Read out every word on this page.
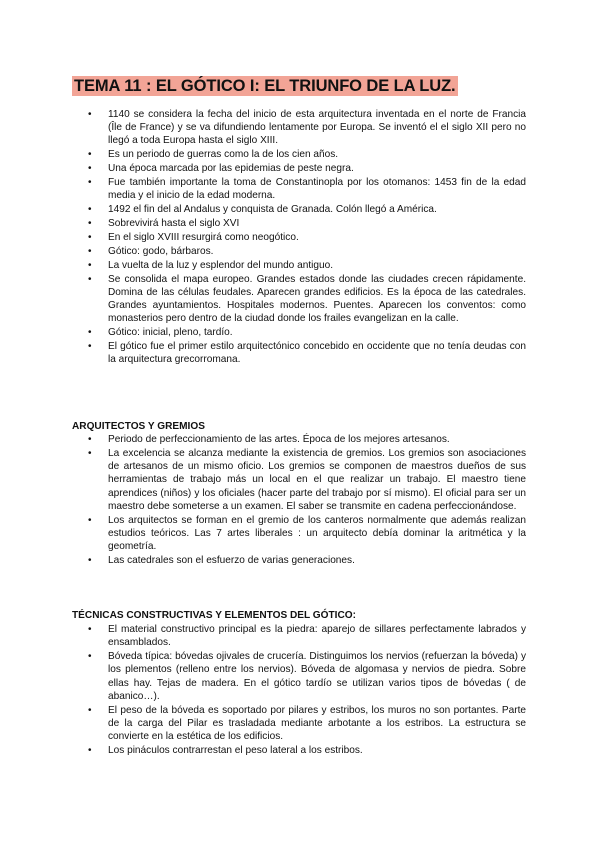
TEMA 11 : EL GÓTICO I: EL TRIUNFO DE LA LUZ.
• 1140 se considera la fecha del inicio de esta arquitectura inventada en el norte de Francia (Île de France) y se va difundiendo lentamente por Europa. Se inventó el el siglo XII pero no llegó a toda Europa hasta el siglo XIII.
• Es un periodo de guerras como la de los cien años.
• Una época marcada por las epidemias de peste negra.
• Fue también importante la toma de Constantinopla por los otomanos: 1453 fin de la edad media y el inicio de la edad moderna.
• 1492 el fin del al Andalus y conquista de Granada. Colón llegó a América.
• Sobrevivirá hasta el siglo XVI
• En el siglo XVIII resurgirá como neogótico.
• Gótico: godo, bárbaros.
• La vuelta de la luz y esplendor del mundo antiguo.
• Se consolida el mapa europeo. Grandes estados donde las ciudades crecen rápidamente. Domina de las células feudales. Aparecen grandes edificios. Es la época de las catedrales. Grandes ayuntamientos. Hospitales modernos. Puentes. Aparecen los conventos: como monasterios pero dentro de la ciudad donde los frailes evangelizan en la calle.
• Gótico: inicial, pleno, tardío.
• El gótico fue el primer estilo arquitectónico concebido en occidente que no tenía deudas con la arquitectura grecorromana.
ARQUITECTOS Y GREMIOS
• Periodo de perfeccionamiento de las artes. Época de los mejores artesanos.
• La excelencia se alcanza mediante la existencia de gremios. Los gremios son asociaciones de artesanos de un mismo oficio. Los gremios se componen de maestros dueños de sus herramientas de trabajo más un local en el que realizar un trabajo. El maestro tiene aprendices (niños) y los oficiales (hacer parte del trabajo por sí mismo). El oficial para ser un maestro debe someterse a un examen. El saber se transmite en cadena perfeccionándose.
• Los arquitectos se forman en el gremio de los canteros normalmente que además realizan estudios teóricos. Las 7 artes liberales : un arquitecto debía dominar la aritmética y la geometría.
• Las catedrales son el esfuerzo de varias generaciones.
TÉCNICAS CONSTRUCTIVAS Y ELEMENTOS DEL GÓTICO:
• El material constructivo principal es la piedra: aparejo de sillares perfectamente labrados y ensamblados.
• Bóveda típica: bóvedas ojivales de crucería. Distinguimos los nervios (refuerzan la bóveda) y los plementos (relleno entre los nervios). Bóveda de algomasa y nervios de piedra. Sobre ellas hay. Tejas de madera. En el gótico tardío se utilizan varios tipos de bóvedas ( de abanico…).
• El peso de la bóveda es soportado por pilares y estribos, los muros no son portantes. Parte de la carga del Pilar es trasladada mediante arbotante a los estribos. La estructura se convierte en la estética de los edificios.
• Los pináculos contrarrestan el peso lateral a los estribos.
